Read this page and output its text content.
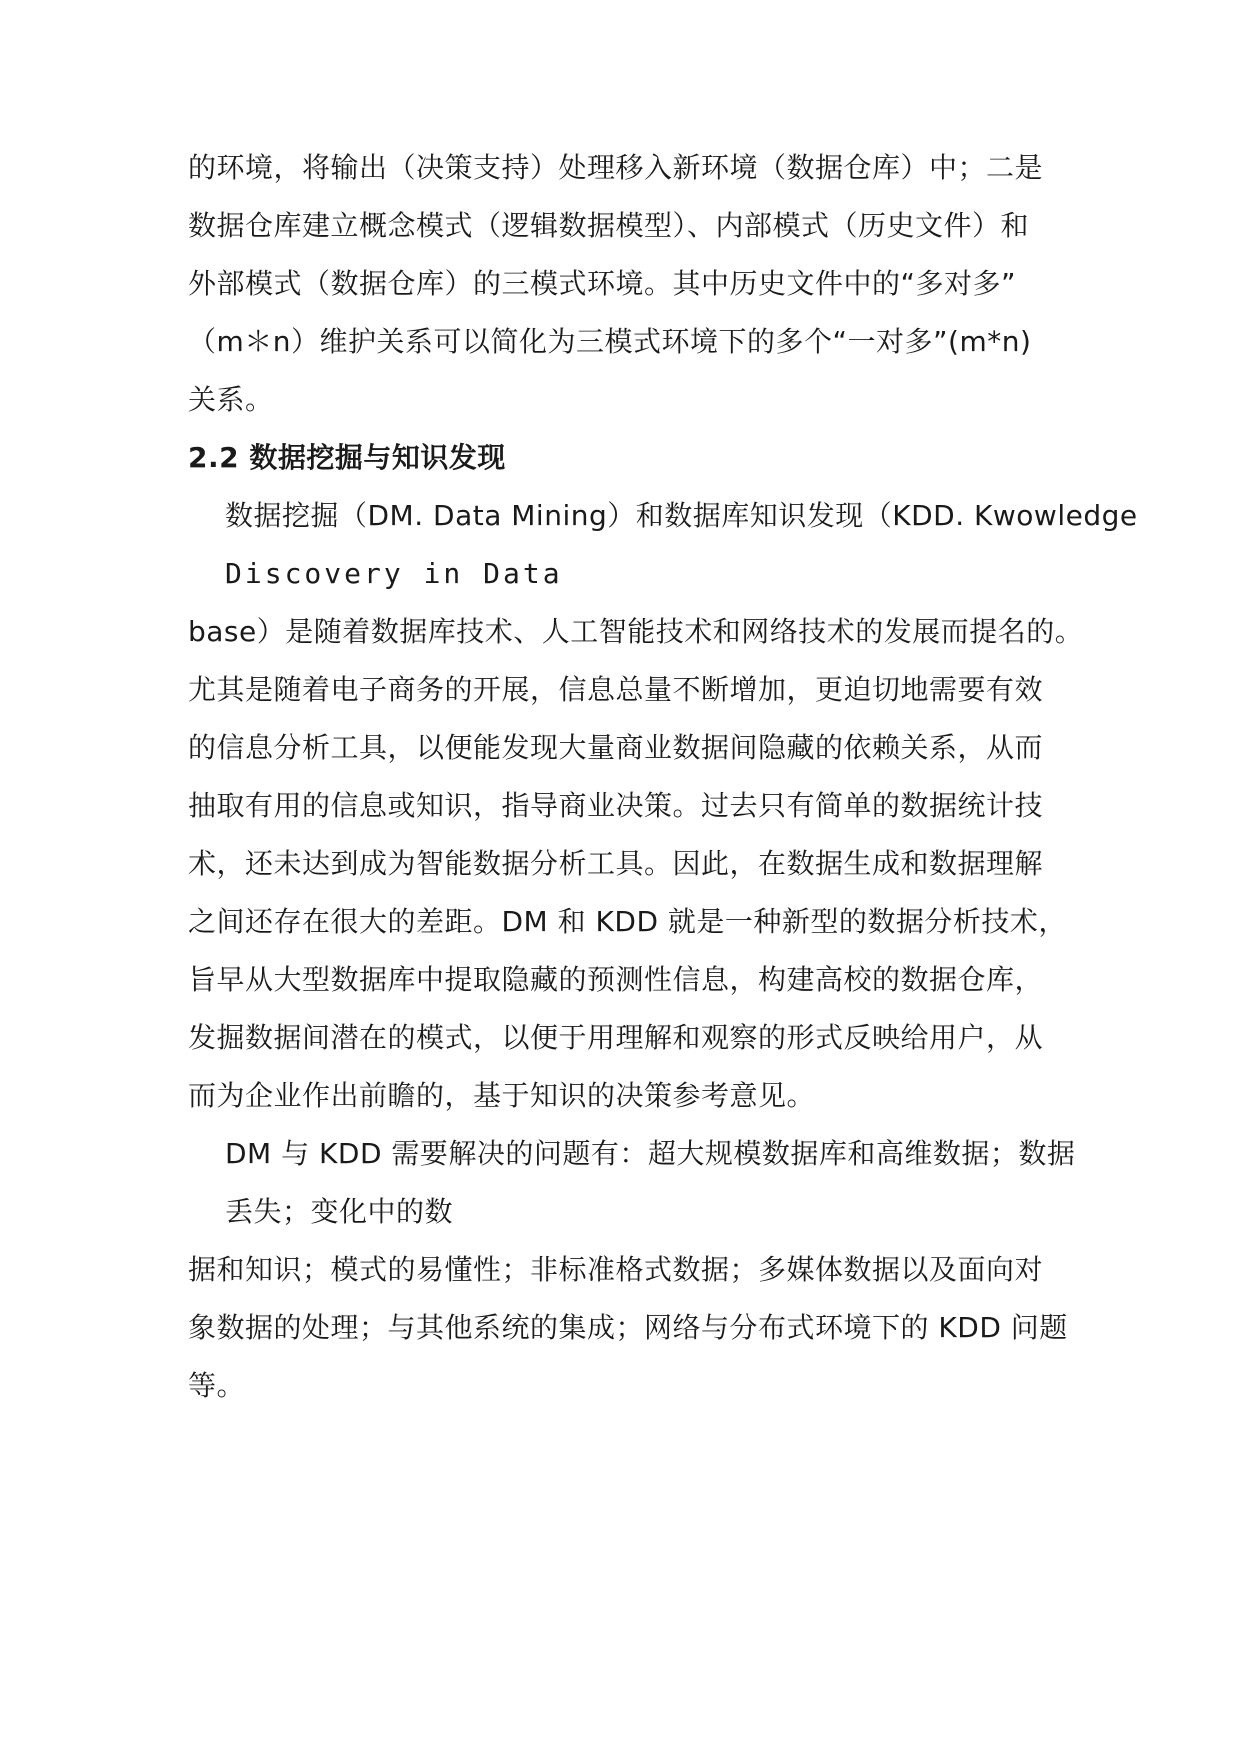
的环境，将输出（决策支持）处理移入新环境（数据仓库）中；二是
数据仓库建立概念模式（逻辑数据模型）、内部模式（历史文件）和
外部模式（数据仓库）的三模式环境。其中历史文件中的“多对多”
（m＊n）维护关系可以简化为三模式环境下的多个“一对多”(m*n)
关系。
2.2 数据挖掘与知识发现
数据挖掘（DM. Data Mining）和数据库知识发现（KDD. Kwowledge
Discovery in Data
base）是随着数据库技术、人工智能技术和网络技术的发展而提名的。
尤其是随着电子商务的开展，信息总量不断增加，更迫切地需要有效
的信息分析工具，以便能发现大量商业数据间隐藏的依赖关系，从而
抽取有用的信息或知识，指导商业决策。过去只有简单的数据统计技
术，还未达到成为智能数据分析工具。因此，在数据生成和数据理解
之间还存在很大的差距。DM 和 KDD 就是一种新型的数据分析技术，
旨早从大型数据库中提取隐藏的预测性信息，构建高校的数据仓库，
发掘数据间潜在的模式，以便于用理解和观察的形式反映给用户，从
而为企业作出前瞻的，基于知识的决策参考意见。
DM 与 KDD 需要解决的问题有：超大规模数据库和高维数据；数据
丢失；变化中的数
据和知识；模式的易懂性；非标准格式数据；多媒体数据以及面向对
象数据的处理；与其他系统的集成；网络与分布式环境下的 KDD 问题
等。
